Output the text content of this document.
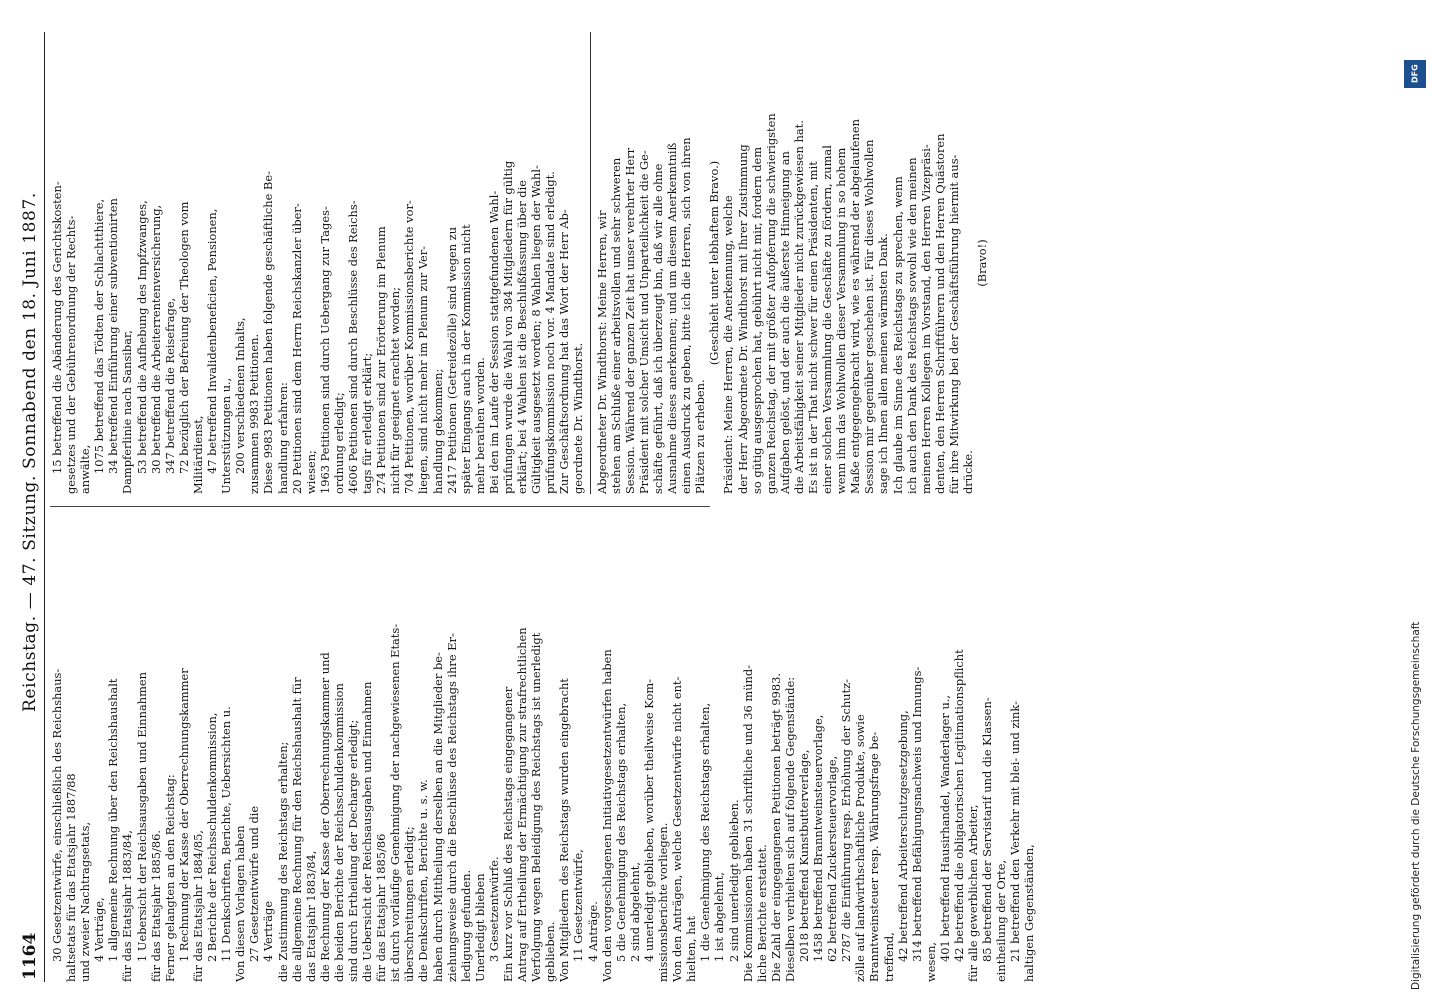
1164
Reichstag. — 47. Sitzung. Sonnabend den 18. Juni 1887.
30 Gesetzentwürfe, einschließlich des Reichshaus- haltsetats für das Etatsjahr 1887/88 und zweier Nachtragsetats, 4 Verträge, 1 allgemeine Rechnung über den Reichshaushalt für das Etatsjahr 1883/84, 1 Uebersicht der Reichsausgaben und Einnahmen für das Etatsjahr 1885/86. Ferner gelangten an den Reichstag: 1 Rechnung der Kasse der Oberrechnungskammer für das Etatsjahr 1884/85, 2 Berichte der Reichsschuldenkommission, 11 Denkschriften, Berichte, Uebersichten u. Von diesen Vorlagen haben 27 Gesetzentwürfe und die 4 Verträge die Zustimmung des Reichstags erhalten; die allgemeine Rechnung für den Reichshaushalt für das Etatsjahr 1883/84, die Rechnung der Kasse der Oberrechnungskammer und die beiden Berichte der Reichsschuldenkommission sind durch Ertheilung der Decharge erledigt; die Uebersicht der Reichsausgaben und Einnahmen für das Etatsjahr 1885/86 ist durch vorläufige Genehmigung der nachgewiesenen Etats- überschreitungen erledigt; die Denkschriften, Berichte u. s. w. haben durch Mittheilung derselben an die Mitglieder be- ziehungsweise durch die Beschlüsse des Reichstags ihre Er- ledigung gefunden. Unerledigt blieben 3 Gesetzentwürfe. Ein kurz vor Schluß des Reichstags eingegangener Antrag auf Ertheilung der Ermächtigung zur strafrechtlichen Verfolgung wegen Beleidigung des Reichstags ist unerledigt geblieben. Von Mitgliedern des Reichstags wurden eingebracht 11 Gesetzentwürfe, 4 Anträge. Von den vorgeschlagenen Initiativgesetzentwürfen haben 5 die Genehmigung des Reichstags erhalten, 2 sind abgelehnt, 4 unerledigt geblieben, worüber theilweise Kom- missionsberichte vorliegen. Von den Anträgen, welche Gesetzentwürfe nicht ent- hielten, hat 1 die Genehmigung des Reichstags erhalten, 1 ist abgelehnt, 2 sind unerledigt geblieben. Die Kommissionen haben 31 schriftliche und 36 münd- liche Berichte erstattet. Die Zahl der eingegangenen Petitionen beträgt 9983. Dieselben verhielten sich auf folgende Gegenstände: 2018 betreffend Kunstbutterverlage, 1458 betreffend Branntweinsteuervorlage, 62 betreffend Zuckersteuervorlage, 2787 die Einführung resp. Erhöhung der Schutz- zölle auf landwirthschaftliche Produkte, sowie Branntweinsteuer resp. Währungsfrage be- treffend, 42 betreffend Arbeiterschutzgesetzgebung, 314 betreffend Befähigungsnachweis und Innungs- wesen, 401 betreffend Hausirhandel, Wanderlager u., 42 betreffend die obligatorischen Legitimationspflicht für alle gewerblichen Arbeiter, 85 betreffend der Servistarif und die Klassen- eintheilung der Orte, 21 betreffend den Verkehr mit blei- und zink- haltigen Gegenständen,
15 betreffend die Abänderung des Gerichtskosten- gesetzes und der Gebührenordnung der Rechts- anwälte, 1075 betreffend das Tödten der Schlachtthiere, 34 betreffend Einführung einer subventionirten Dampferlinie nach Sansibar, 53 betreffend die Aufhebung des Impfzwanges, 30 betreffend die Arbeiterrentenversicherung, 347 betreffend die Reisefrage, 72 bezüglich der Befreiung der Theologen vom Militärdienst, 47 betreffend Invalidenbeneficien, Pensionen, Unterstützungen u., 200 verschiedenen Inhalts, zusammen 9983 Petitionen. Diese 9983 Petitionen haben folgende geschäftliche Be- handlung erfahren: 20 Petitionen sind dem Herrn Reichskanzler über- wiesen; 1963 Petitionen sind durch Uebergang zur Tages- ordnung erledigt; 4606 Petitionen sind durch Beschlüsse des Reichs- tags für erledigt erklärt; 274 Petitionen sind zur Erörterung im Plenum nicht für geeignet erachtet worden; 704 Petitionen, worüber Kommissionsberichte vor- liegen, sind nicht mehr im Plenum zur Ver- handlung gekommen; 2417 Petitionen (Getreidezölle) sind wegen zu später Eingangs auch in der Kommission nicht mehr berathen worden. Bei den im Laufe der Session stattgefundenen Wahl- prüfungen wurde die Wahl von 384 Mitgliedern für gültig erklärt; bei 4 Wahlen ist die Beschlußfassung über die Gültigkeit ausgesetzt worden; 8 Wahlen liegen der Wahl- prüfungskommission noch vor. 4 Mandate sind erledigt. Zur Geschäftsordnung hat das Wort der Herr Ab- geordnete Dr. Windthorst. Abgeordneter Dr. Windthorst: Meine Herren, wir stehen am Schluße einer arbeitsvollen und sehr schweren Session. Während der ganzen Zeit hat unser verehrter Herr Präsident mit solcher Umsicht und Unparteilichkeit die Ge- schäfte geführt, daß ich überzeugt bin, daß wir alle ohne Ausnahme dieses anerkennen; und um diesem Anerkenntniß einen Ausdruck zu geben, bitte ich die Herren, sich von ihren Plätzen zu erheben.
(Geschieht unter lebhaftem Bravo.) Präsident: Meine Herren, die Anerkennung, welche der Herr Abgeordnete Dr. Windthorst mit Ihrer Zustimmung so gütig ausgesprochen hat, gebührt nicht mir, fordern dem ganzen Reichstag, der mit größter Aufopferung die schwierigsten Aufgaben gelöst, und der auch die äußerste Hinneigung an die Arbeitsfähigkeit seiner Mitglieder nicht zurückgewiesen hat. Es ist in der That nicht schwer für einen Präsidenten, mit einer solchen Versammlung die Geschäfte zu fördern, zumal wenn ihm das Wohlwollen dieser Versammlung in so hohem Maße entgegengebracht wird, wie es während der abgelaufenen Session mir gegenüber geschehen ist. Für dieses Wohlwollen sage ich Ihnen allen meinen wärmsten Dank. Ich glaube im Sinne des Reichstags zu sprechen, wenn ich auch den Dank des Reichstags sowohl wie den meinen meinen Herren Kollegen im Vorstand, den Herren Vizepräsi- denten, den Herren Schriftführern und den Herren Quästoren für ihre Mitwirkung bei der Geschäftsführung hiermit aus- drücke.
(Bravo!)
Digitalisierung gefördert durch die Deutsche Forschungsgemeinschaft
DFG
